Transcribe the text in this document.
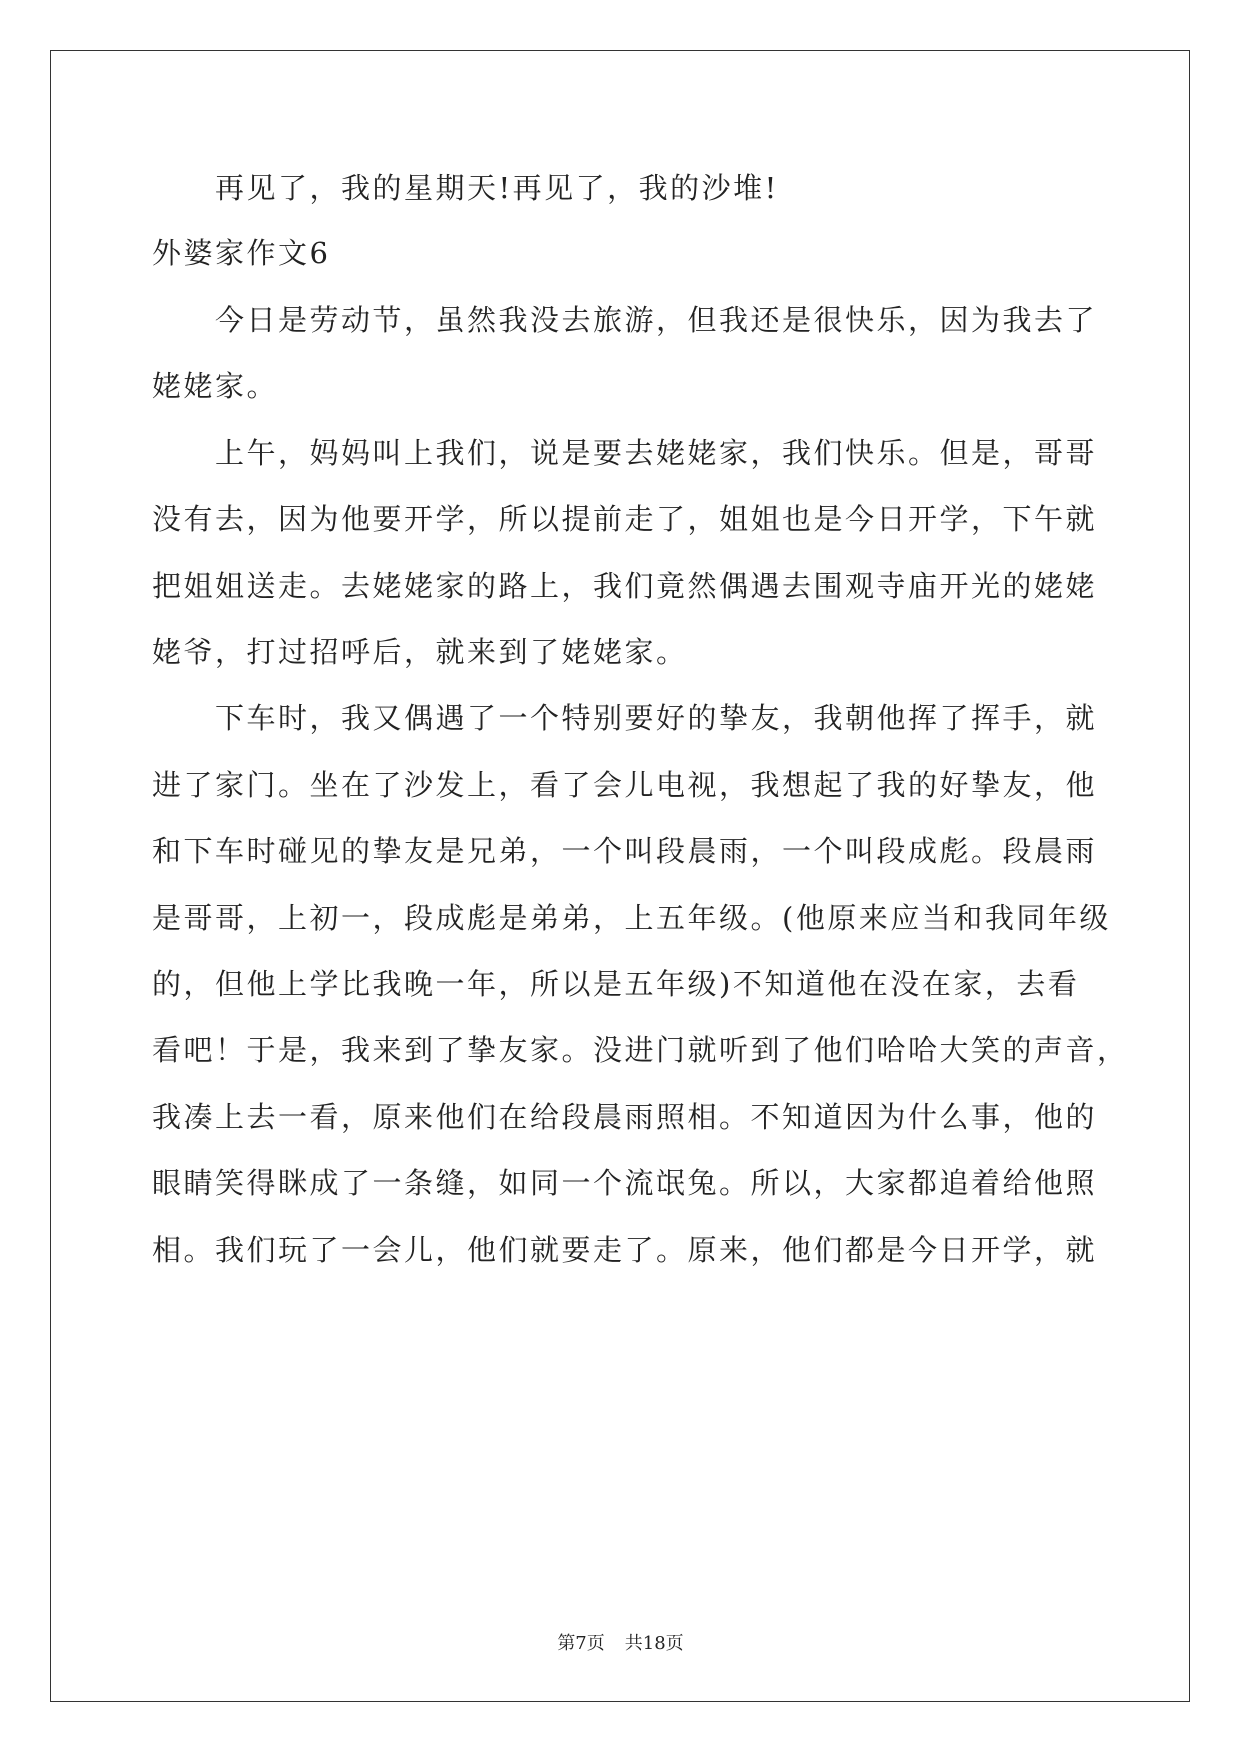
　　再见了，我的星期天!再见了，我的沙堆!
外婆家作文6
　　今日是劳动节，虽然我没去旅游，但我还是很快乐，因为我去了
姥姥家。
　　上午，妈妈叫上我们，说是要去姥姥家，我们快乐。但是，哥哥
没有去，因为他要开学，所以提前走了，姐姐也是今日开学，下午就
把姐姐送走。去姥姥家的路上，我们竟然偶遇去围观寺庙开光的姥姥
姥爷，打过招呼后，就来到了姥姥家。
　　下车时，我又偶遇了一个特别要好的挚友，我朝他挥了挥手，就
进了家门。坐在了沙发上，看了会儿电视，我想起了我的好挚友，他
和下车时碰见的挚友是兄弟，一个叫段晨雨，一个叫段成彪。段晨雨
是哥哥，上初一，段成彪是弟弟，上五年级。(他原来应当和我同年级
的，但他上学比我晚一年，所以是五年级)不知道他在没在家，去看
看吧！于是，我来到了挚友家。没进门就听到了他们哈哈大笑的声音，
我凑上去一看，原来他们在给段晨雨照相。不知道因为什么事，他的
眼睛笑得眯成了一条缝，如同一个流氓兔。所以，大家都追着给他照
相。我们玩了一会儿，他们就要走了。原来，他们都是今日开学，就
第7页 共18页
